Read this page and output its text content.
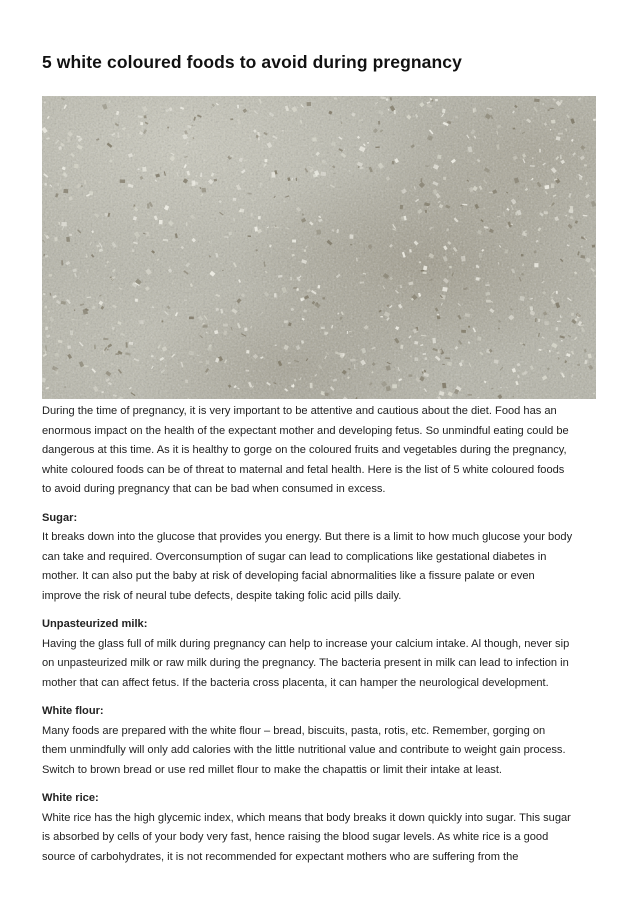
5 white coloured foods to avoid during pregnancy

During the time of pregnancy, it is very important to be attentive and cautious about the diet. Food has an

enormous impact on the health of the expectant mother and developing fetus. So unmindful eating could be

dangerous at this time. As it is healthy to gorge on the coloured fruits and vegetables during the pregnancy,

white coloured foods can be of threat to maternal and fetal health. Here is the list of 5 white coloured foods

to avoid during pregnancy that can be bad when consumed in excess.

Sugar:

It breaks down into the glucose that provides you energy. But there is a limit to how much glucose your body

can take and required. Overconsumption of sugar can lead to complications like gestational diabetes in

mother. It can also put the baby at risk of developing facial abnormalities like a fissure palate or even

improve the risk of neural tube defects, despite taking folic acid pills daily.

Unpasteurized milk:

Having the glass full of milk during pregnancy can help to increase your calcium intake. Al though, never sip

on unpasteurized milk or raw milk during the pregnancy. The bacteria present in milk can lead to infection in

mother that can affect fetus. If the bacteria cross placenta, it can hamper the neurological development.

White flour:

Many foods are prepared with the white flour – bread, biscuits, pasta, rotis, etc. Remember, gorging on

them unmindfully will only add calories with the little nutritional value and contribute to weight gain process.

Switch to brown bread or use red millet flour to make the chapattis or limit their intake at least.

White rice:

White rice has the high glycemic index, which means that body breaks it down quickly into sugar. This sugar

is absorbed by cells of your body very fast, hence raising the blood sugar levels. As white rice is a good

source of carbohydrates, it is not recommended for expectant mothers who are suffering from the
